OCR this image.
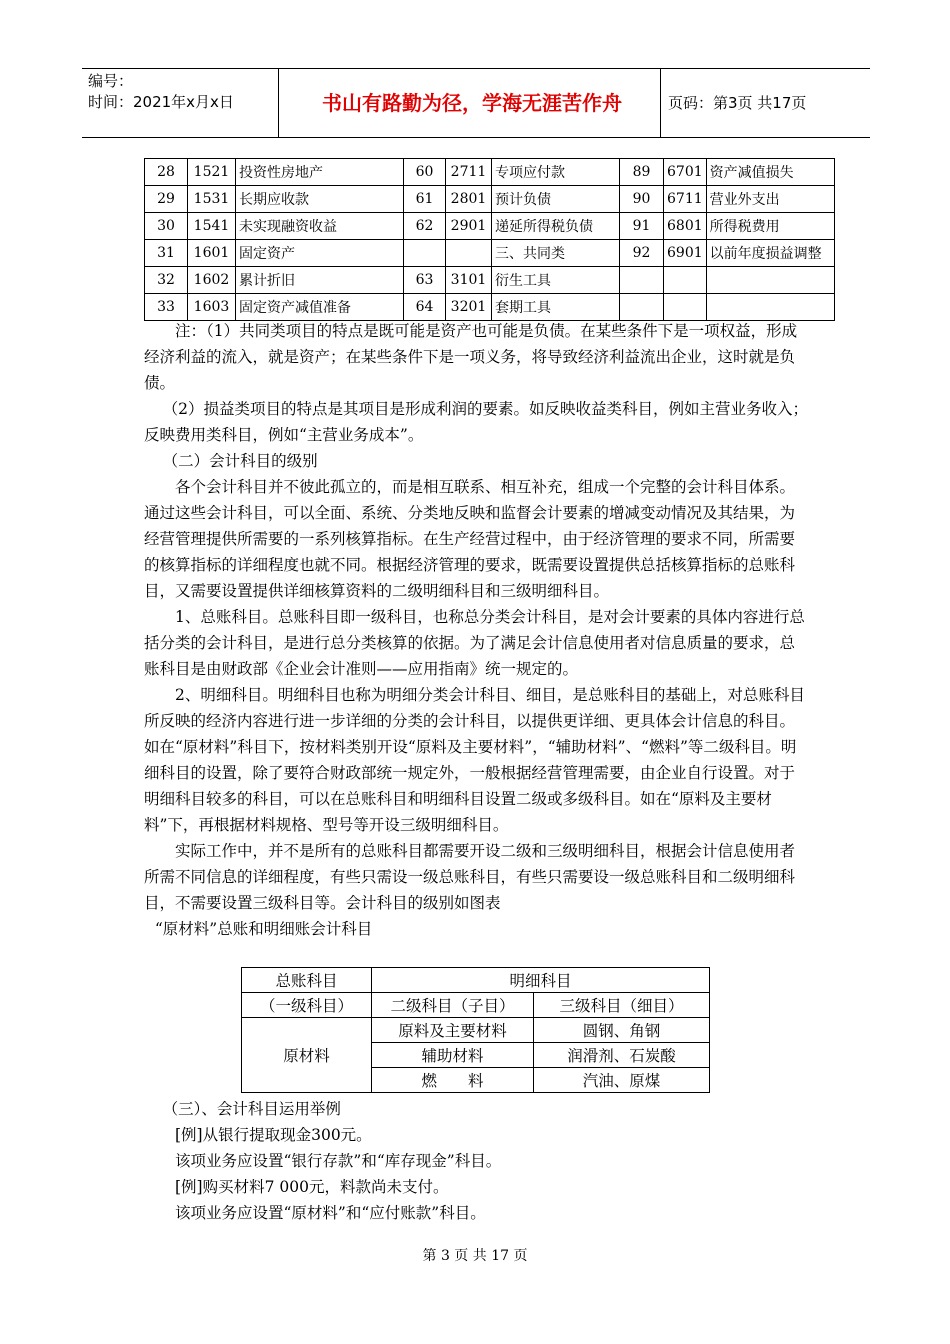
编号：
时间：2021年x月x日	书山有路勤为径，学海无涯苦作舟	页码：第3页 共17页
28	1521	投资性房地产	60	2711	专项应付款	89	6701	资产减值损失
29	1531	长期应收款	61	2801	预计负债	90	6711	营业外支出
30	1541	未实现融资收益	62	2901	递延所得税负债	91	6801	所得税费用
31	1601	固定资产			三、共同类	92	6901	以前年度损益调整
32	1602	累计折旧	63	3101	衍生工具			
33	1603	固定资产减值准备	64	3201	套期工具			

注：（1）共同类项目的特点是既可能是资产也可能是负债。在某些条件下是一项权益，形成经济利益的流入，就是资产；在某些条件下是一项义务，将导致经济利益流出企业，这时就是负债。

（2）损益类项目的特点是其项目是形成利润的要素。如反映收益类科目，例如主营业务收入；反映费用类科目，例如“主营业务成本”。

（二）会计科目的级别

各个会计科目并不彼此孤立的，而是相互联系、相互补充，组成一个完整的会计科目体系。通过这些会计科目，可以全面、系统、分类地反映和监督会计要素的增减变动情况及其结果，为经营管理提供所需要的一系列核算指标。在生产经营过程中，由于经济管理的要求不同，所需要的核算指标的详细程度也就不同。根据经济管理的要求，既需要设置提供总括核算指标的总账科目，又需要设置提供详细核算资料的二级明细科目和三级明细科目。

1、总账科目。总账科目即一级科目，也称总分类会计科目，是对会计要素的具体内容进行总括分类的会计科目，是进行总分类核算的依据。为了满足会计信息使用者对信息质量的要求，总账科目是由财政部《企业会计准则——应用指南》统一规定的。

2、明细科目。明细科目也称为明细分类会计科目、细目，是总账科目的基础上，对总账科目所反映的经济内容进行进一步详细的分类的会计科目，以提供更详细、更具体会计信息的科目。如在“原材料”科目下，按材料类别开设“原料及主要材料”，“辅助材料”、“燃料”等二级科目。明细科目的设置，除了要符合财政部统一规定外，一般根据经营管理需要，由企业自行设置。对于明细科目较多的科目，可以在总账科目和明细科目设置二级或多级科目。如在“原料及主要材料”下，再根据材料规格、型号等开设三级明细科目。

实际工作中，并不是所有的总账科目都需要开设二级和三级明细科目，根据会计信息使用者所需不同信息的详细程度，有些只需设一级总账科目，有些只需要设一级总账科目和二级明细科目，不需要设置三级科目等。会计科目的级别如图表

“原材料”总账和明细账会计科目

总账科目	明细科目	
（一级科目）	二级科目（子目）	三级科目（细目）
原材料	原料及主要材料	圆钢、角钢
	辅助材料	润滑剂、石炭酸
	燃　　料	汽油、原煤

（三）、会计科目运用举例

[例]从银行提取现金300元。

该项业务应设置“银行存款”和“库存现金”科目。

[例]购买材料7 000元，料款尚未支付。

该项业务应设置“原材料”和“应付账款”科目。

第 3 页 共 17 页
